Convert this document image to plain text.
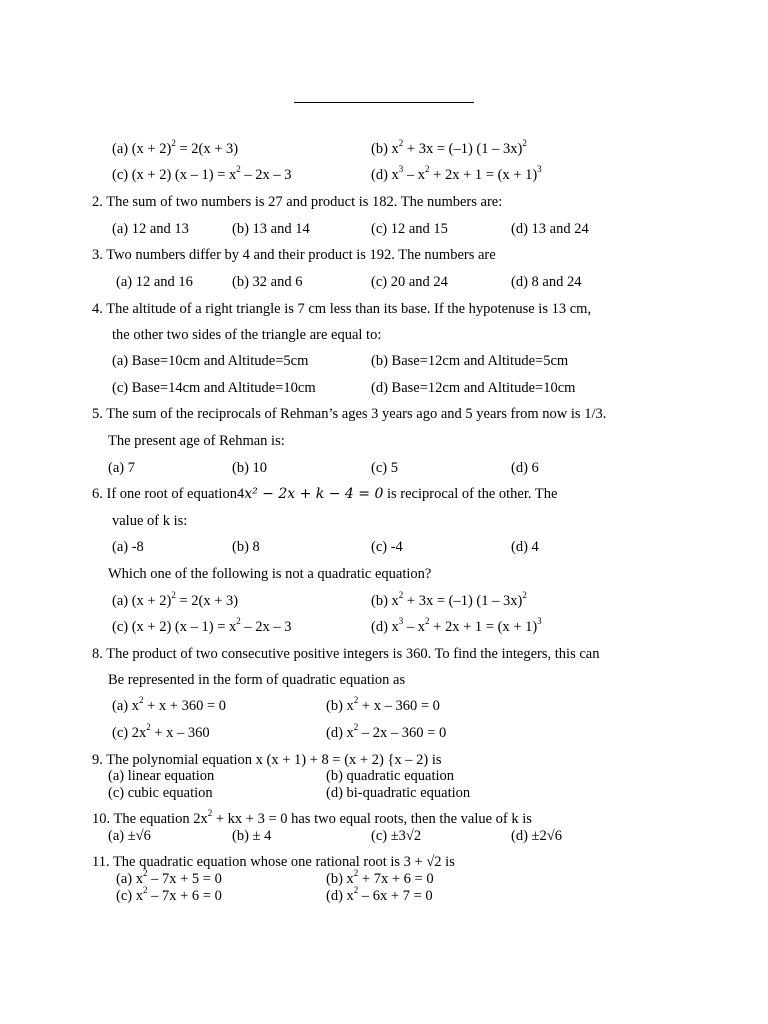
(a) $(x + 2)^2 = 2(x + 3)$	(b) $x^2 + 3x = (-1)$ (1 – 3x)$^2$
(c) (x + 2) $(x - 1) = x^2 - 2x - 3$	(d) $x^3 - x^2 + 2x + 1 = (x + 1)^3$
2. The sum of two numbers is 27 and product is 182. The numbers are:
(a) 12 and 13	(b) 13 and 14	(c) 12 and 15	(d) 13 and 24
3. Two numbers differ by 4 and their product is 192. The numbers are
(a) 12 and 16	(b) 32 and 6	(c) 20 and 24	(d) 8 and 24
4. The altitude of a right triangle is 7 cm less than its base. If the hypotenuse is 13 cm,
the other two sides of the triangle are equal to:
(a) Base=10cm and Altitude=5cm	(b) Base=12cm and Altitude=5cm
(c) Base=14cm and Altitude=10cm	(d) Base=12cm and Altitude=10cm
5. The sum of the reciprocals of Rehman’s ages 3 years ago and 5 years from now is 1/3.
The present age of Rehman is:
(a) 7	(b) 10	(c) 5	(d) 6
6. If one root of equation4x² − 2x + k − 4 = 0 is reciprocal of the other. The
value of k is:
(a) -8	(b) 8	(c) -4	(d) 4
Which one of the following is not a quadratic equation?
(a) $(x + 2)^2 = 2(x + 3)$	(b) $x^2 + 3x = (-1)$ (1 – 3x)$^2$
(c) (x + 2) $(x - 1) = x^2 - 2x - 3$	(d) $x^3 - x^2 + 2x + 1 = (x + 1)^3$
8. The product of two consecutive positive integers is 360. To find the integers, this can
Be represented in the form of quadratic equation as
(a) $x^2 + x + 360 = 0$	(b) $x^2 + x - 360 = 0$
(c) $2x^2 + x - 360$	(d) $x^2 - 2x - 360 = 0$
9. The polynomial equation x (x + 1) + 8 = (x + 2) {x – 2) is
(a) linear equation	(b) quadratic equation
(c) cubic equation	(d) bi-quadratic equation
10. The equation $2x^2$ + kx + 3 = 0 has two equal roots, then the value of k is
(a) ±√6	(b) ± 4	(c) ±3√2	(d) ±2√6
11. The quadratic equation whose one rational root is 3 + √2 is
(a) $x^2 - 7x + 5 = 0$	(b) $x^2 + 7x + 6 = 0$
(c) $x^2 - 7x + 6 = 0$	(d) $x^2 - 6x + 7 = 0$
